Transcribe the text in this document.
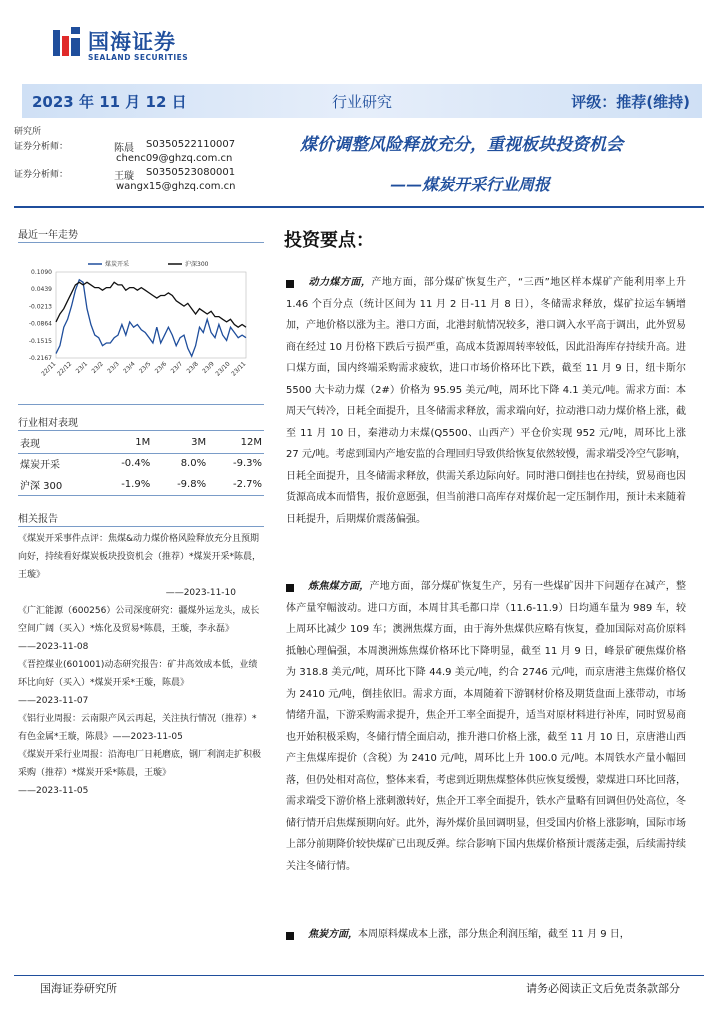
国海证券
SEALAND SECURITIES
2023 年 11 月 12 日	行业研究	评级：推荐(维持)
研究所
证券分析师：	陈晨 S0350522110007
chenc09@ghzq.com.cn
证券分析师：	王璇 S0350523080001
wangx15@ghzq.com.cn
煤价调整风险释放充分，重视板块投资机会
——煤炭开采行业周报
最近一年走势
0.1090
0.0439
-0.0213
-0.0864
-0.1515
-0.2167
22/11
22/12 23/1 23/2 23/3 23/4 23/5 23/6 23/7 23/8 23/9
23/10
23/11
煤炭开采	沪深300
行业相对表现
表现	1M	3M	12M
煤炭开采	-0.4%	8.0%	-9.3%
沪深 300	-1.9%	-9.8%	-2.7%
相关报告
《煤炭开采事件点评：焦煤&动力煤价格风险释放充分且预期向好，持续看好煤炭板块投资机会（推荐）*煤炭开采*陈晨，王璇》
——2023-11-10
《广汇能源（600256）公司深度研究：疆煤外运龙头，成长空间广阔（买入）*炼化及贸易*陈晨，王璇，李永磊》
——2023-11-08
《晋控煤业(601001)动态研究报告：矿井高效成本低，业绩环比向好（买入）*煤炭开采*王璇，陈晨》
——2023-11-07
《铝行业周报：云南限产风云再起，关注执行情况（推荐）*有色金属*王璇，陈晨》——2023-11-05
《煤炭开采行业周报：沿海电厂日耗磨底，钢厂利润走扩积极采购（推荐）*煤炭开采*陈晨，王璇》
——2023-11-05
投资要点：
动力煤方面，产地方面，部分煤矿恢复生产，“三西”地区样本煤矿产能利用率上升 1.46 个百分点（统计区间为 11 月 2 日-11 月 8 日），冬储需求释放，煤矿拉运车辆增加，产地价格以涨为主。港口方面，北港封航情况较多，港口调入水平高于调出，此外贸易商在经过 10 月份格下跌后亏损严重，高成本货源周转率较低，因此沿海库存持续升高。进口煤方面，国内终端采购需求疲软，进口市场价格环比下跌，截至 11 月 9 日，纽卡斯尔 5500 大卡动力煤（2#）价格为 95.95 美元/吨，周环比下降 4.1 美元/吨。需求方面：本周天气转冷，日耗全面提升，且冬储需求释放，需求端向好，拉动港口动力煤价格上涨，截至 11 月 10 日，秦港动力末煤(Q5500、山西产）平仓价实现 952 元/吨，周环比上涨 27 元/吨。考虑到国内产地安监的合理回归导致供给恢复依然较慢，需求端受冷空气影响，日耗全面提升，且冬储需求释放，供需关系边际向好。同时港口倒挂也在持续，贸易商也因货源高成本而惜售，报价意愿强，但当前港口高库存对煤价起一定压制作用，预计未来随着日耗提升，后期煤价震荡偏强。
炼焦煤方面，产地方面，部分煤矿恢复生产，另有一些煤矿因井下问题存在减产，整体产量窄幅波动。进口方面，本周甘其毛都口岸（11.6-11.9）日均通车量为 989 车，较上周环比减少 109 车；澳洲焦煤方面，由于海外焦煤供应略有恢复，叠加国际对高价原料抵触心理偏强，本周澳洲炼焦煤价格环比下降明显，截至 11 月 9 日，峰景矿硬焦煤价格为 318.8 美元/吨，周环比下降 44.9 美元/吨，约合 2746 元/吨，而京唐港主焦煤价格仅为 2410 元/吨，倒挂依旧。需求方面，本周随着下游钢材价格及期货盘面上涨带动，市场情绪升温，下游采购需求提升，焦企开工率全面提升，适当对原材料进行补库，同时贸易商也开始积极采购，冬储行情全面启动，推升港口价格上涨，截至 11 月 10 日，京唐港山西产主焦煤库提价（含税）为 2410 元/吨，周环比上升 100.0 元/吨。本周铁水产量小幅回落，但仍处相对高位，整体来看，考虑到近期焦煤整体供应恢复缓慢，蒙煤进口环比回落，需求端受下游价格上涨刺激转好，焦企开工率全面提升，铁水产量略有回调但仍处高位，冬储行情开启焦煤预期向好。此外，海外煤价虽回调明显，但受国内价格上涨影响，国际市场上部分前期降价较快煤矿已出现反弹。综合影响下国内焦煤价格预计震荡走强，后续需持续关注冬储行情。
焦炭方面，本周原料煤成本上涨，部分焦企利润压缩，截至 11 月 9 日，
国海证券研究所	请务必阅读正文后免责条款部分
